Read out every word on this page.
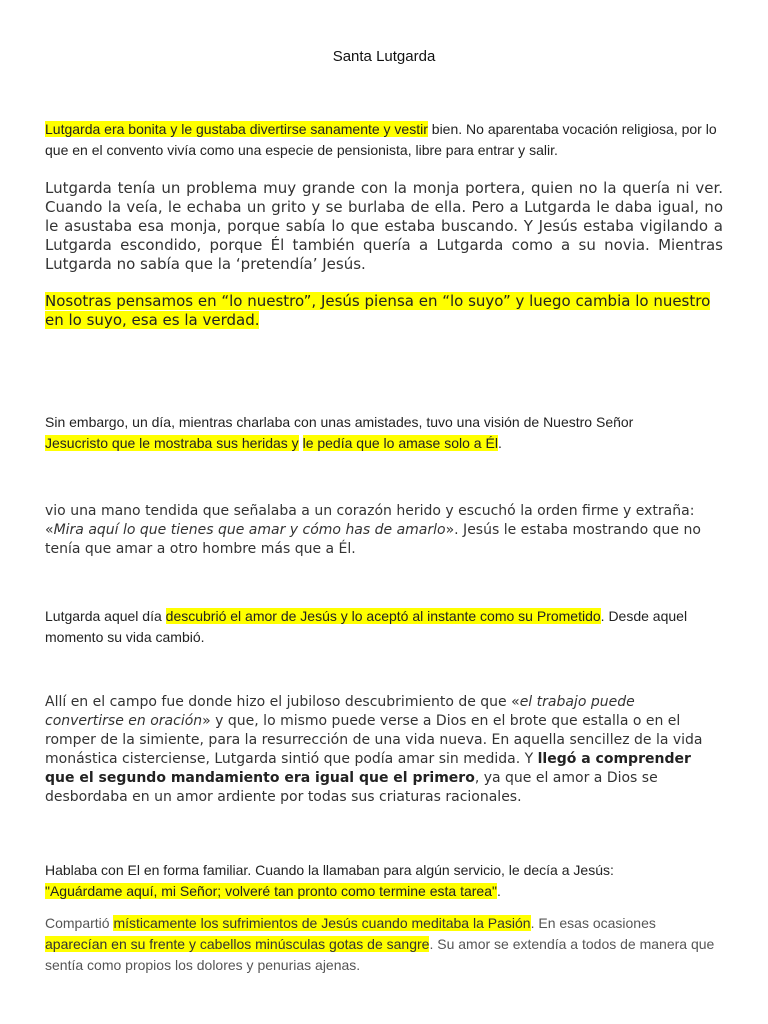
Santa Lutgarda

Lutgarda era bonita y le gustaba divertirse sanamente y vestir bien. No aparentaba vocación religiosa, por lo que en el convento vivía como una especie de pensionista, libre para entrar y salir.

Lutgarda tenía un problema muy grande con la monja portera, quien no la quería ni ver. Cuando la veía, le echaba un grito y se burlaba de ella. Pero a Lutgarda le daba igual, no le asustaba esa monja, porque sabía lo que estaba buscando. Y Jesús estaba vigilando a Lutgarda escondido, porque Él también quería a Lutgarda como a su novia. Mientras Lutgarda no sabía que la ‘pretendía’ Jesús.

Nosotras pensamos en “lo nuestro”, Jesús piensa en “lo suyo” y luego cambia lo nuestro en lo suyo, esa es la verdad.

Sin embargo, un día, mientras charlaba con unas amistades, tuvo una visión de Nuestro Señor
Jesucristo que le mostraba sus heridas y le pedía que lo amase solo a Él.

vio una mano tendida que señalaba a un corazón herido y escuchó la orden firme y extraña: «Mira aquí lo que tienes que amar y cómo has de amarlo». Jesús le estaba mostrando que no tenía que amar a otro hombre más que a Él.

Lutgarda aquel día descubrió el amor de Jesús y lo aceptó al instante como su Prometido. Desde aquel momento su vida cambió.

Allí en el campo fue donde hizo el jubiloso descubrimiento de que «el trabajo puede convertirse en oración» y que, lo mismo puede verse a Dios en el brote que estalla o en el romper de la simiente, para la resurrección de una vida nueva. En aquella sencillez de la vida monástica cisterciense, Lutgarda sintió que podía amar sin medida. Y llegó a comprender que el segundo mandamiento era igual que el primero, ya que el amor a Dios se desbordaba en un amor ardiente por todas sus criaturas racionales.

Hablaba con El en forma familiar. Cuando la llamaban para algún servicio, le decía a Jesús:
"Aguárdame aquí, mi Señor; volveré tan pronto como termine esta tarea".

Compartió místicamente los sufrimientos de Jesús cuando meditaba la Pasión. En esas ocasiones aparecían en su frente y cabellos minúsculas gotas de sangre. Su amor se extendía a todos de manera que sentía como propios los dolores y penurias ajenas.
